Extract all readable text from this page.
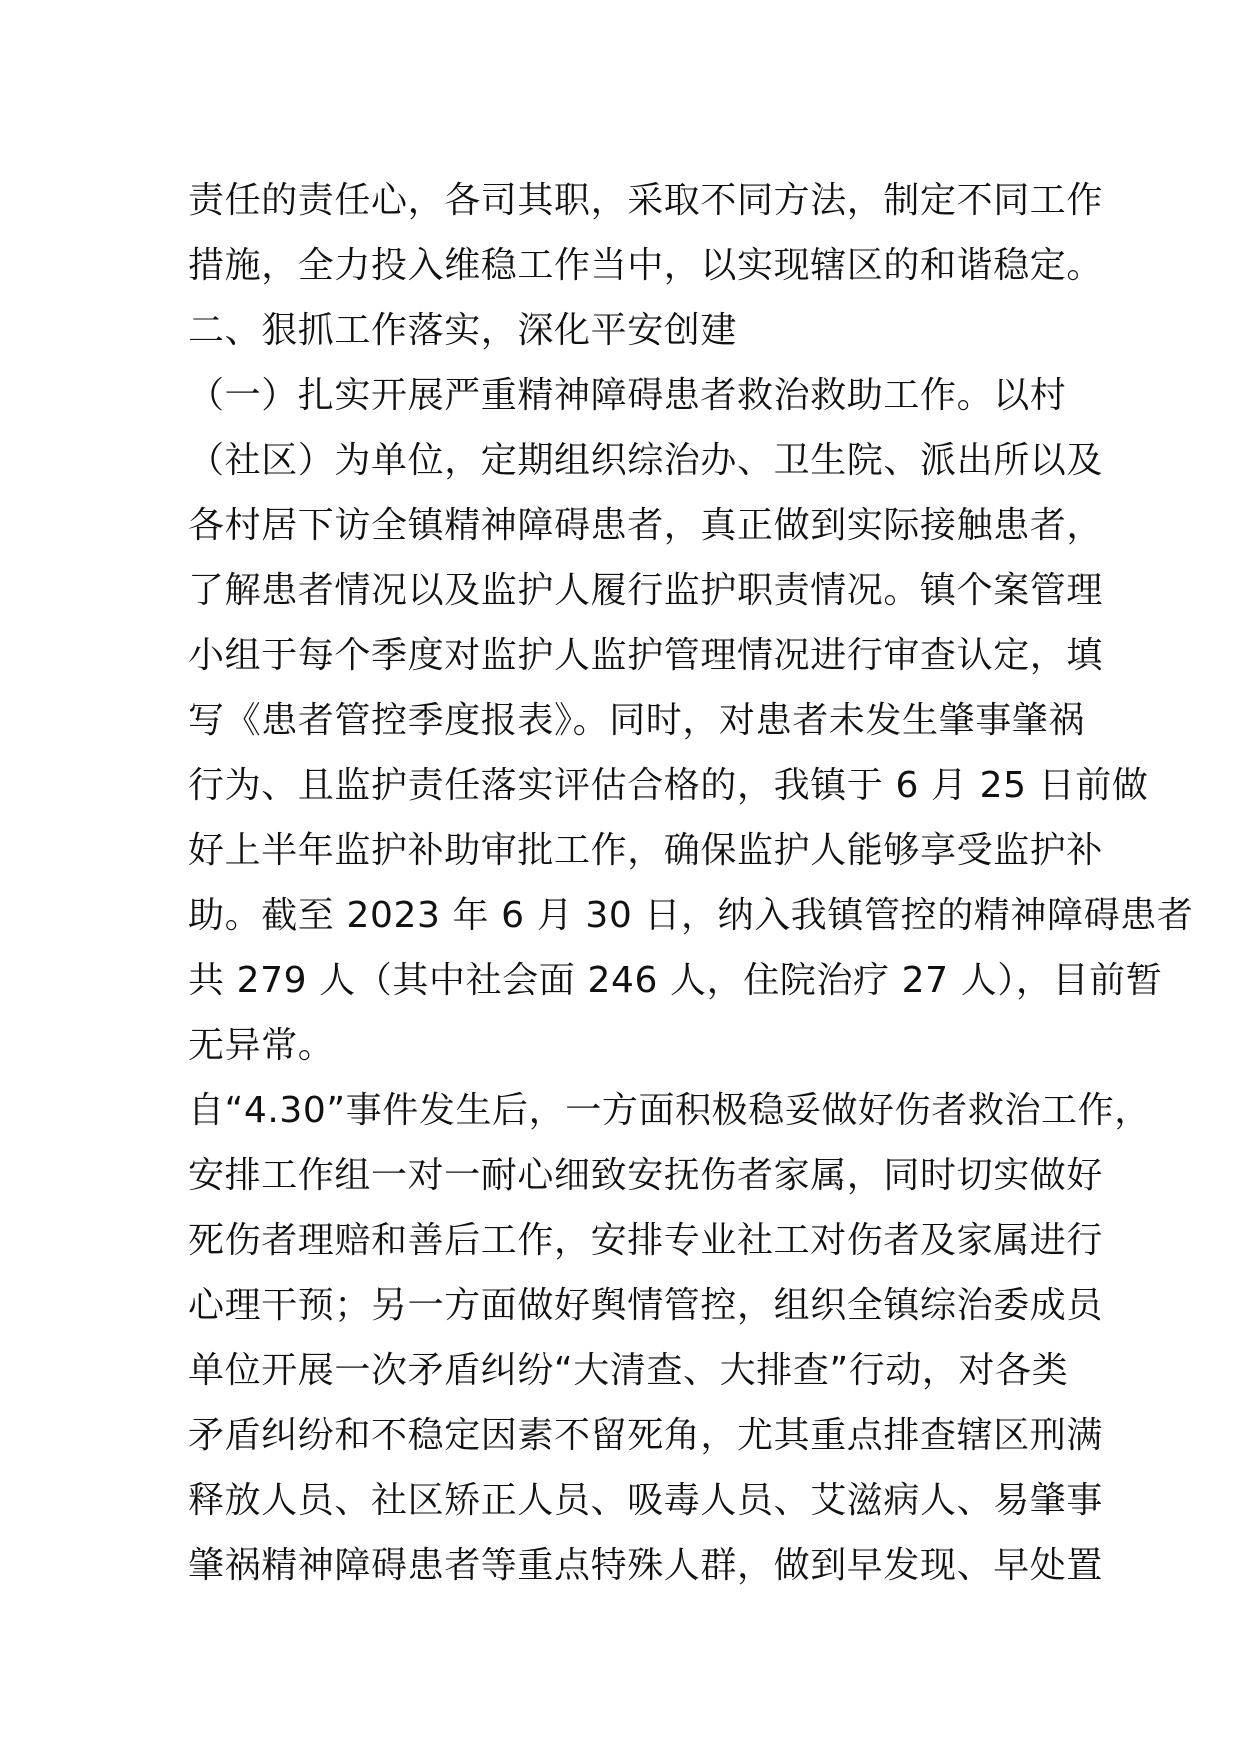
责任的责任心，各司其职，采取不同方法，制定不同工作
措施，全力投入维稳工作当中，以实现辖区的和谐稳定。
二、狠抓工作落实，深化平安创建
（一）扎实开展严重精神障碍患者救治救助工作。以村
（社区）为单位，定期组织综治办、卫生院、派出所以及
各村居下访全镇精神障碍患者，真正做到实际接触患者，
了解患者情况以及监护人履行监护职责情况。镇个案管理
小组于每个季度对监护人监护管理情况进行审查认定，填
写《患者管控季度报表》。同时，对患者未发生肇事肇祸
行为、且监护责任落实评估合格的，我镇于 6 月 25 日前做
好上半年监护补助审批工作，确保监护人能够享受监护补
助。截至 2023 年 6 月 30 日，纳入我镇管控的精神障碍患者
共 279 人（其中社会面 246 人，住院治疗 27 人），目前暂
无异常。
自“4.30”事件发生后，一方面积极稳妥做好伤者救治工作，
安排工作组一对一耐心细致安抚伤者家属，同时切实做好
死伤者理赔和善后工作，安排专业社工对伤者及家属进行
心理干预；另一方面做好舆情管控，组织全镇综治委成员
单位开展一次矛盾纠纷“大清查、大排查”行动，对各类
矛盾纠纷和不稳定因素不留死角，尤其重点排查辖区刑满
释放人员、社区矫正人员、吸毒人员、艾滋病人、易肇事
肇祸精神障碍患者等重点特殊人群，做到早发现、早处置
